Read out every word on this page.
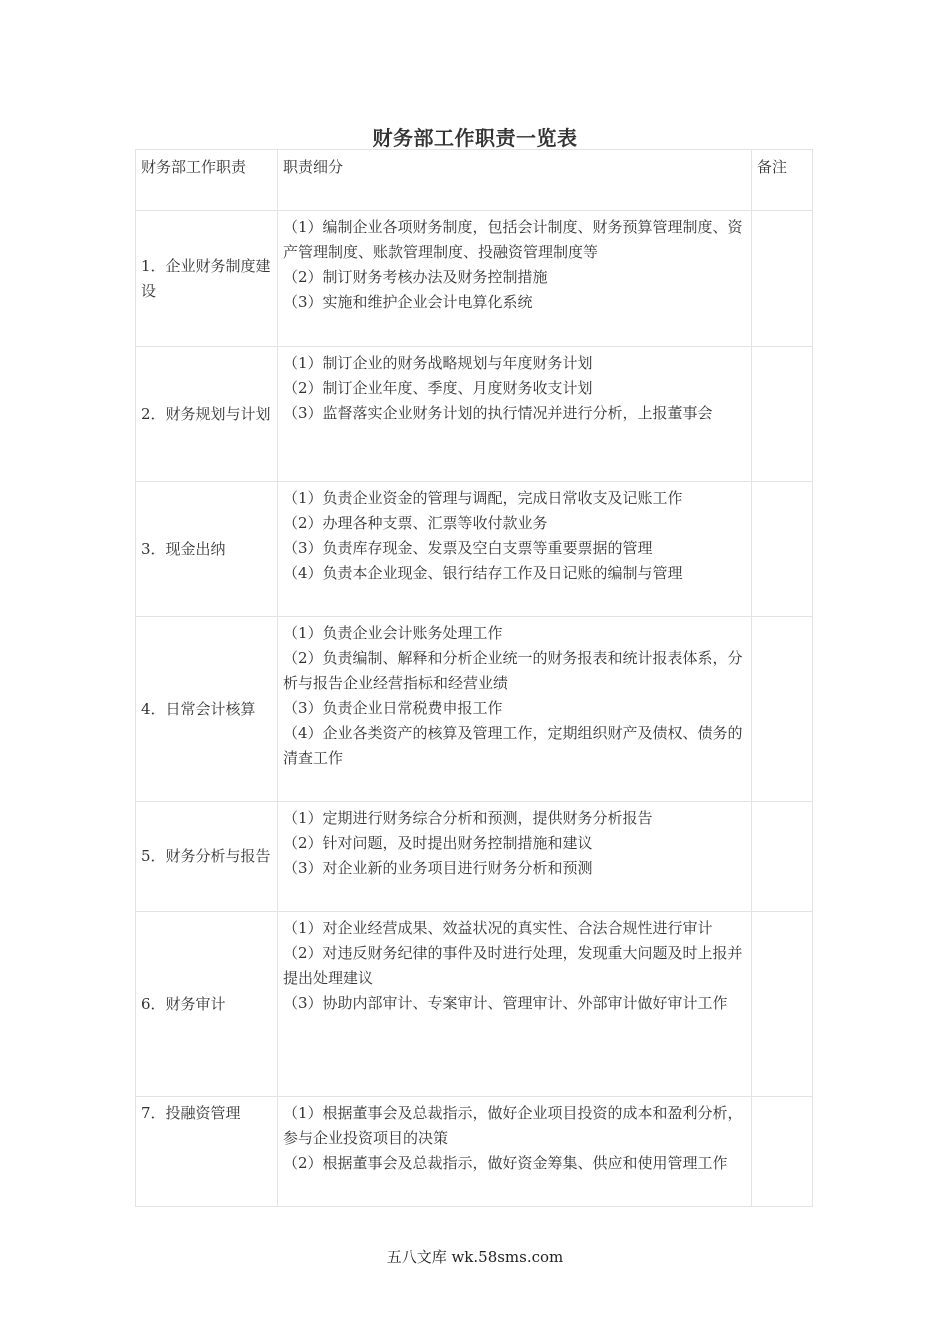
财务部工作职责一览表
财务部工作职责	职责细分	备注
1．企业财务制度建设	（1）编制企业各项财务制度，包括会计制度、财务预算管理制度、资产管理制度、账款管理制度、投融资管理制度等
（2）制订财务考核办法及财务控制措施
（3）实施和维护企业会计电算化系统	

2．财务规划与计划	（1）制订企业的财务战略规划与年度财务计划
（2）制订企业年度、季度、月度财务收支计划
（3）监督落实企业财务计划的执行情况并进行分析，上报董事会	

3．现金出纳	（1）负责企业资金的管理与调配，完成日常收支及记账工作
（2）办理各种支票、汇票等收付款业务
（3）负责库存现金、发票及空白支票等重要票据的管理
（4）负责本企业现金、银行结存工作及日记账的编制与管理	

4．日常会计核算	（1）负责企业会计账务处理工作
（2）负责编制、解释和分析企业统一的财务报表和统计报表体系，分析与报告企业经营指标和经营业绩
（3）负责企业日常税费申报工作
（4）企业各类资产的核算及管理工作，定期组织财产及债权、债务的清查工作	

5．财务分析与报告	（1）定期进行财务综合分析和预测，提供财务分析报告
（2）针对问题，及时提出财务控制措施和建议
（3）对企业新的业务项目进行财务分析和预测	

6．财务审计	（1）对企业经营成果、效益状况的真实性、合法合规性进行审计
（2）对违反财务纪律的事件及时进行处理，发现重大问题及时上报并提出处理建议
（3）协助内部审计、专案审计、管理审计、外部审计做好审计工作	

7．投融资管理	（1）根据董事会及总裁指示，做好企业项目投资的成本和盈利分析，参与企业投资项目的决策
（2）根据董事会及总裁指示，做好资金筹集、供应和使用管理工作	

五八文库 wk.58sms.com
